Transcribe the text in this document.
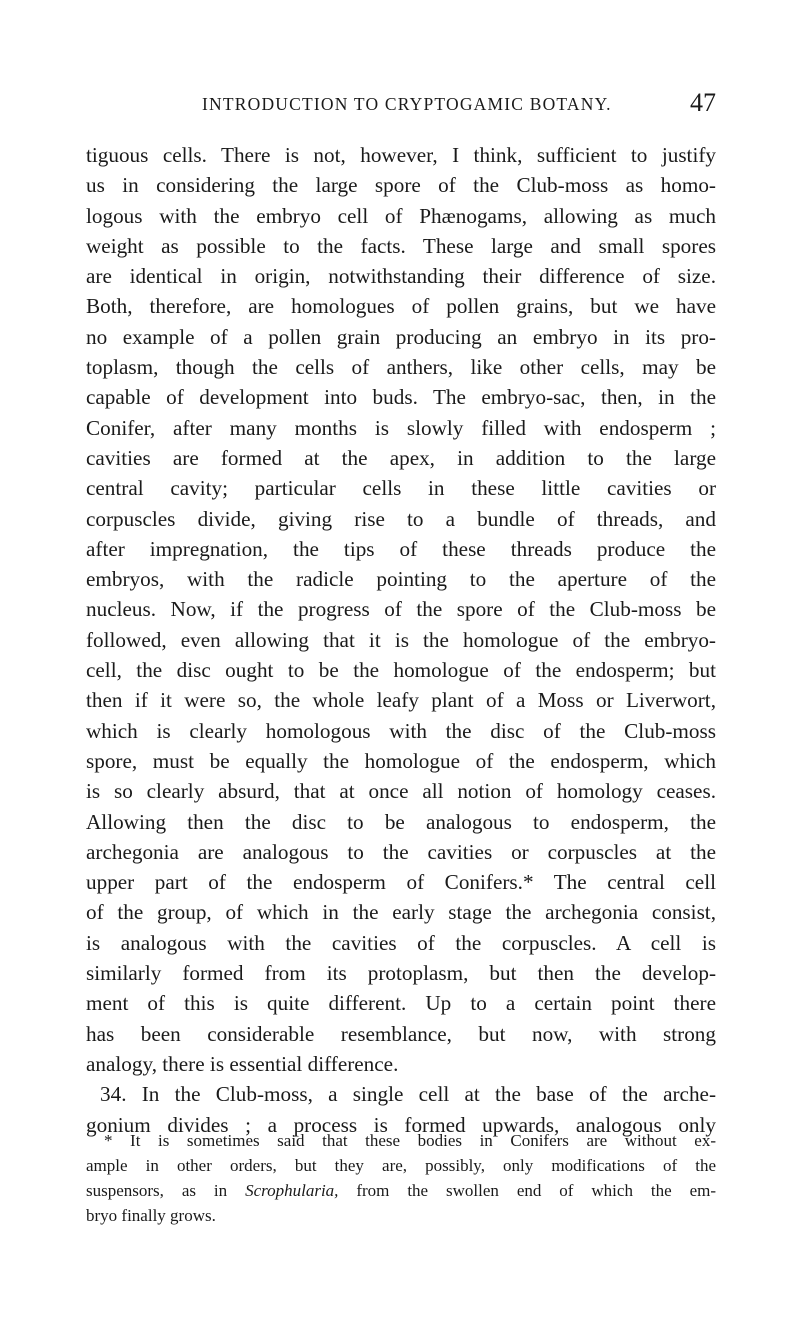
INTRODUCTION TO CRYPTOGAMIC BOTANY.	47
tiguous cells. There is not, however, I think, sufficient to justify
us in considering the large spore of the Club-moss as homo-
logous with the embryo cell of Phænogams, allowing as much
weight as possible to the facts. These large and small spores
are identical in origin, notwithstanding their difference of size.
Both, therefore, are homologues of pollen grains, but we have
no example of a pollen grain producing an embryo in its pro-
toplasm, though the cells of anthers, like other cells, may be
capable of development into buds. The embryo-sac, then, in the
Conifer, after many months is slowly filled with endosperm ;
cavities are formed at the apex, in addition to the large
central cavity; particular cells in these little cavities or
corpuscles divide, giving rise to a bundle of threads, and
after impregnation, the tips of these threads produce the
embryos, with the radicle pointing to the aperture of the
nucleus. Now, if the progress of the spore of the Club-moss be
followed, even allowing that it is the homologue of the embryo-
cell, the disc ought to be the homologue of the endosperm; but
then if it were so, the whole leafy plant of a Moss or Liverwort,
which is clearly homologous with the disc of the Club-moss
spore, must be equally the homologue of the endosperm, which
is so clearly absurd, that at once all notion of homology ceases.
Allowing then the disc to be analogous to endosperm, the
archegonia are analogous to the cavities or corpuscles at the
upper part of the endosperm of Conifers.* The central cell
of the group, of which in the early stage the archegonia consist,
is analogous with the cavities of the corpuscles. A cell is
similarly formed from its protoplasm, but then the develop-
ment of this is quite different. Up to a certain point there
has been considerable resemblance, but now, with strong
analogy, there is essential difference.
34. In the Club-moss, a single cell at the base of the arche-
gonium divides ; a process is formed upwards, analogous only
* It is sometimes said that these bodies in Conifers are without ex-
ample in other orders, but they are, possibly, only modifications of the
suspensors, as in Scrophularia, from the swollen end of which the em-
bryo finally grows.
